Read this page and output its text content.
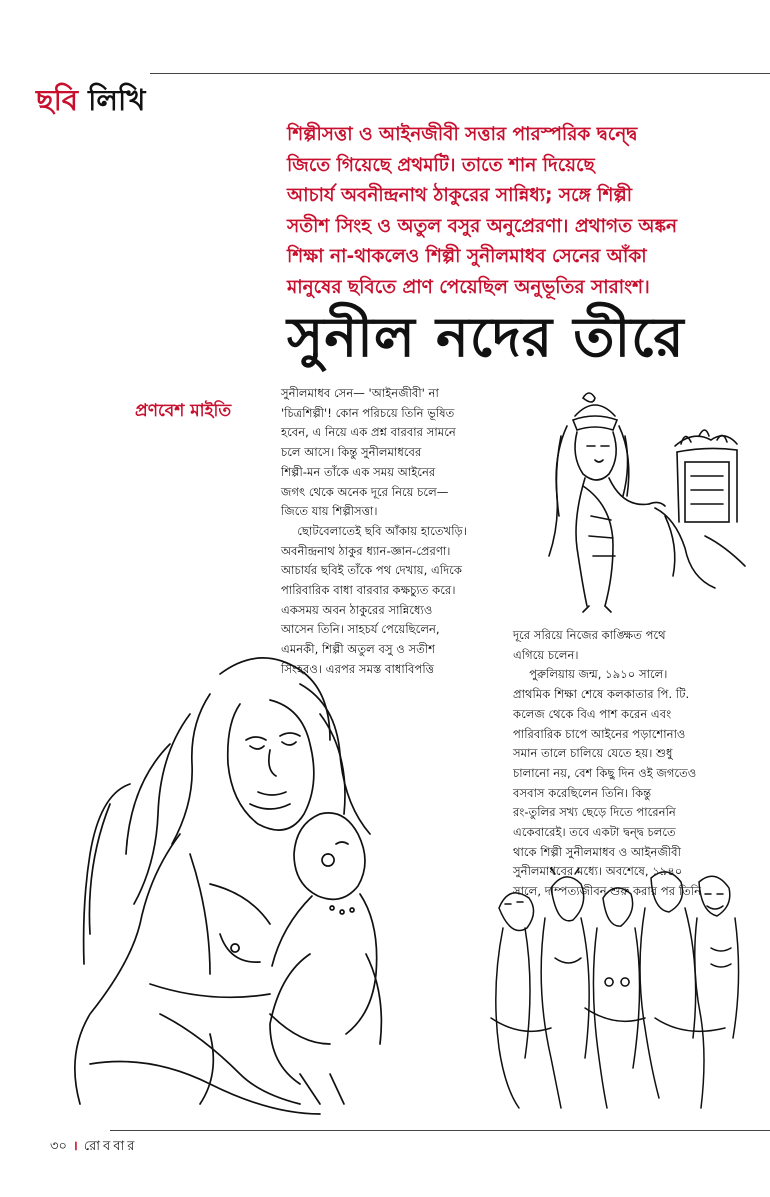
ছবি লিখি

শিল্পীসত্তা ও আইনজীবী সত্তার পারস্পরিক দ্বন্দ্বে
জিতে গিয়েছে প্রথমটি। তাতে শান দিয়েছে
আচার্য অবনীন্দ্রনাথ ঠাকুরের সান্নিধ্য; সঙ্গে শিল্পী
সতীশ সিংহ ও অতুল বসুর অনুপ্রেরণা। প্রথাগত অঙ্কন
শিক্ষা না-থাকলেও শিল্পী সুনীলমাধব সেনের আঁকা
মানুষের ছবিতে প্রাণ পেয়েছিল অনুভূতির সারাংশ।

সুনীল নদের তীরে
প্রণবেশ মাইতি

সুনীলমাধব সেন— 'আইনজীবী' না
'চিত্রশিল্পী'! কোন পরিচয়ে তিনি ভূষিত
হবেন, এ নিয়ে এক প্রশ্ন বারবার সামনে
চলে আসে। কিন্তু সুনীলমাধবের
শিল্পী-মন তাঁকে এক সময় আইনের
জগৎ থেকে অনেক দূরে নিয়ে চলে—
জিতে যায় শিল্পীসত্তা।

ছোটবেলাতেই ছবি আঁকায় হাতেখড়ি।
অবনীন্দ্রনাথ ঠাকুর ধ্যান-জ্ঞান-প্রেরণা।
আচার্যর ছবিই তাঁকে পথ দেখায়, এদিকে
পারিবারিক বাধা বারবার কক্ষচ্যুত করে।
একসময় অবন ঠাকুরের সান্নিধ্যেও
আসেন তিনি। সাহচর্য পেয়েছিলেন,
এমনকী, শিল্পী অতুল বসু ও সতীশ
সিংহরও। এরপর সমস্ত বাধাবিপত্তি

দূরে সরিয়ে নিজের কাঙ্ক্ষিত পথে
এগিয়ে চলেন।

পুরুলিয়ায় জন্ম, ১৯১০ সালে।
প্রাথমিক শিক্ষা শেষে কলকাতার পি. টি.
কলেজ থেকে বিএ পাশ করেন এবং
পারিবারিক চাপে আইনের পড়াশোনাও
সমান তালে চালিয়ে যেতে হয়। শুধু
চালানো নয়, বেশ কিছু দিন ওই জগতেও
বসবাস করেছিলেন তিনি। কিন্তু
রং-তুলির সখ্য ছেড়ে দিতে পারেননি
একেবারেই। তবে একটা দ্বন্দ্ব চলতে
থাকে শিল্পী সুনীলমাধব ও আইনজীবী
সুনীলমাধবের মধ্যে। অবশেষে, ১৯৪০
সালে, দাম্পত্যজীবন শুরু করার পর তিনি

৩০ । রোববার
